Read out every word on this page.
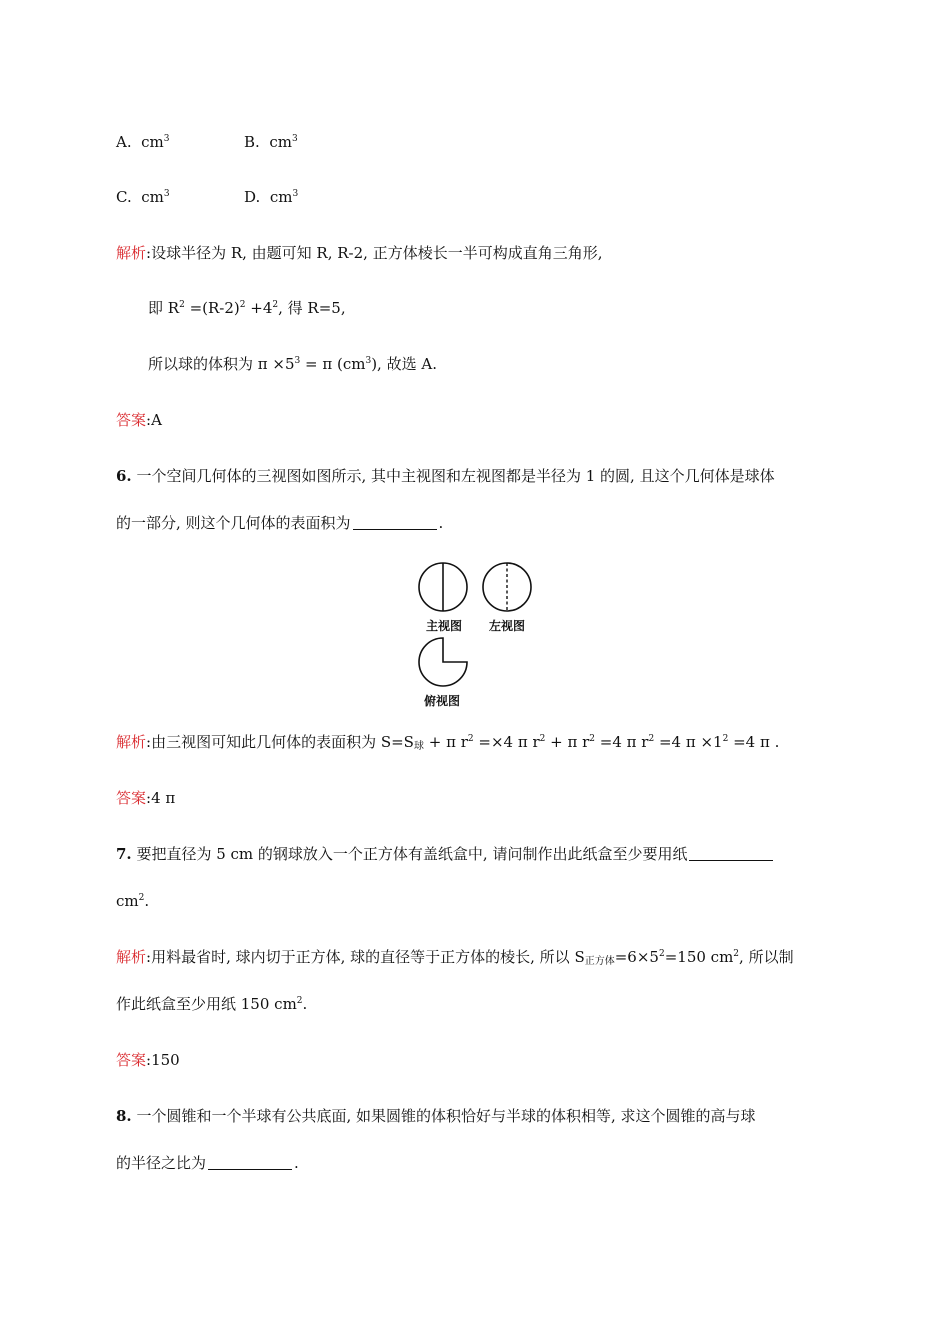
A. $cm^3$	B. $cm^3$
C. $cm^3$	D. $cm^3$
解析:设球半径为 R, 由题可知 R, R-2, 正方体棱长一半可构成直角三角形,
即 $R^2 =(R-2)^2 +4^2$, 得 R=5,
所以球的体积为 $\pi \times 5^3 = \pi$ $(cm^3)$, 故选 A.
答案:A
6. 一个空间几何体的三视图如图所示, 其中主视图和左视图都是半径为 1 的圆, 且这个几何体是球体
的一部分, 则这个几何体的表面积为	.
主视图 左视图
俯视图
解析:由三视图可知此几何体的表面积为 $S=S_球 + \pi$ $r^2 =\times 4$ π $r^2 + \pi$ $r^2 =4$ π $r^2 =4$ $\pi \times 1^2 =4$ π .
答案:4 π
7. 要把直径为 5 cm 的钢球放入一个正方体有盖纸盒中, 请问制作出此纸盒至少要用纸
$cm^2$.
解析:用料最省时, 球内切于正方体, 球的直径等于正方体的棱长, 所以 $S_{正方体}=6\times 5^2=150$ $cm^2$, 所以制
作此纸盒至少用纸 150 $cm^2$.
答案:150
8. 一个圆锥和一个半球有公共底面, 如果圆锥的体积恰好与半球的体积相等, 求这个圆锥的高与球
的半径之比为	.
